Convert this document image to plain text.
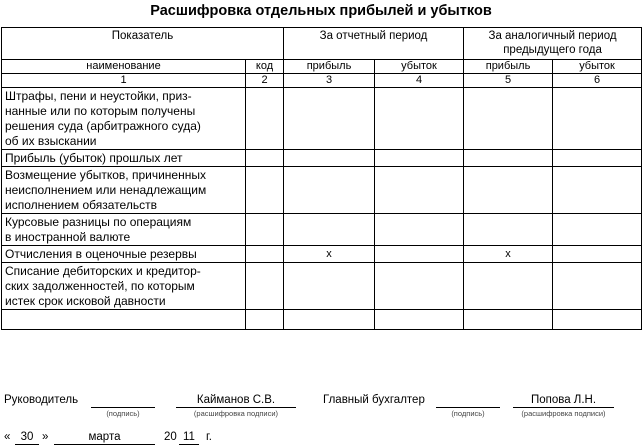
Расшифровка отдельных прибылей и убытков
Показатель		За отчетный период		За аналогичный период
предыдущего года	
наименование	код	прибыль	убыток	прибыль	убыток
1	2	3	4	5	6

Штрафы, пени и неустойки, приз-
нанные или по которым получены
решения суда (арбитражного суда)
об их взыскании					

Прибыль (убыток) прошлых лет					

Возмещение убытков, причиненных
неисполнением или ненадлежащим
исполнением обязательств					

Курсовые разницы по операциям
в иностранной валюте					

Отчисления в оценочные резервы		x		x	

Списание дебиторских и кредитор-
ских задолженностей, по которым
истек срок исковой давности					

Руководитель
(подпись)
Кайманов С.В.
(расшифровка подписи)
Главный бухгалтер
(подпись)
Попова Л.Н.
(расшифровка подписи)
« 30 »	марта	20 11 г.
